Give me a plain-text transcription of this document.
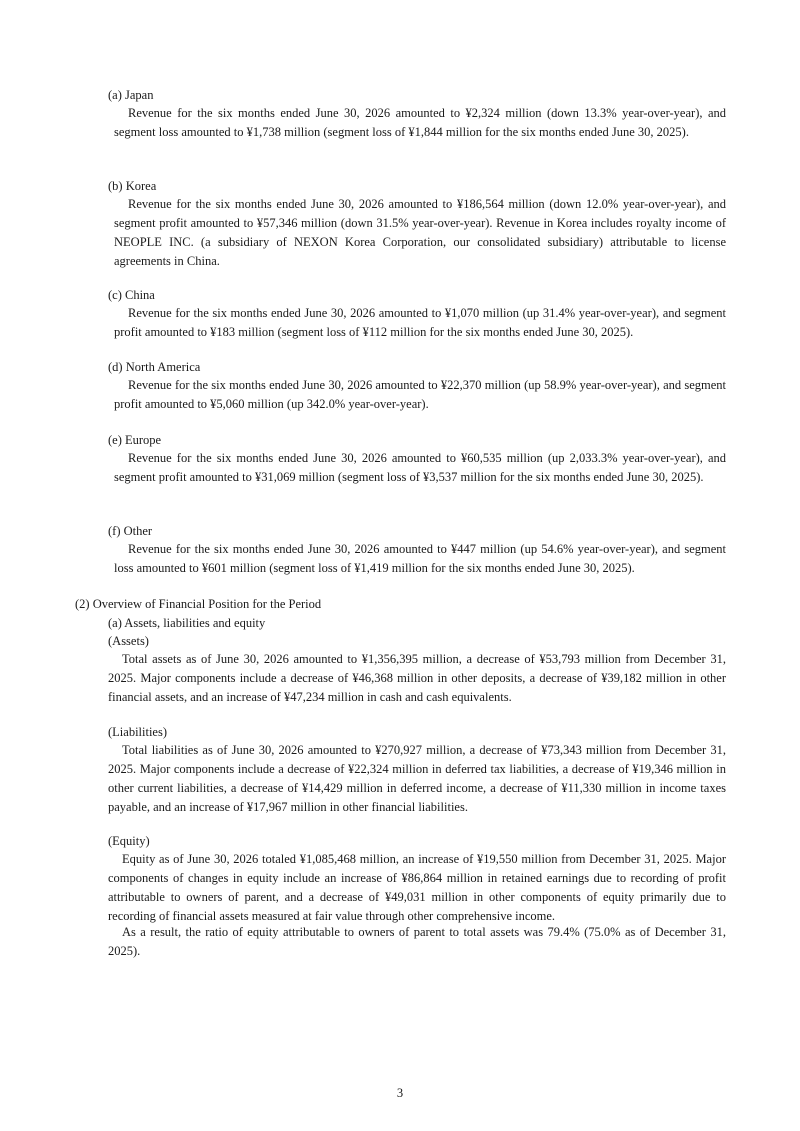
(a) Japan
Revenue for the six months ended June 30, 2026 amounted to ¥2,324 million (down 13.3% year-over-year), and segment loss amounted to ¥1,738 million (segment loss of ¥1,844 million for the six months ended June 30, 2025).
(b) Korea
Revenue for the six months ended June 30, 2026 amounted to ¥186,564 million (down 12.0% year-over-year), and segment profit amounted to ¥57,346 million (down 31.5% year-over-year). Revenue in Korea includes royalty income of NEOPLE INC. (a subsidiary of NEXON Korea Corporation, our consolidated subsidiary) attributable to license agreements in China.
(c) China
Revenue for the six months ended June 30, 2026 amounted to ¥1,070 million (up 31.4% year-over-year), and segment profit amounted to ¥183 million (segment loss of ¥112 million for the six months ended June 30, 2025).
(d) North America
Revenue for the six months ended June 30, 2026 amounted to ¥22,370 million (up 58.9% year-over-year), and segment profit amounted to ¥5,060 million (up 342.0% year-over-year).
(e) Europe
Revenue for the six months ended June 30, 2026 amounted to ¥60,535 million (up 2,033.3% year-over-year), and segment profit amounted to ¥31,069 million (segment loss of ¥3,537 million for the six months ended June 30, 2025).
(f) Other
Revenue for the six months ended June 30, 2026 amounted to ¥447 million (up 54.6% year-over-year), and segment loss amounted to ¥601 million (segment loss of ¥1,419 million for the six months ended June 30, 2025).
(2) Overview of Financial Position for the Period
(a) Assets, liabilities and equity
(Assets)
Total assets as of June 30, 2026 amounted to ¥1,356,395 million, a decrease of ¥53,793 million from December 31, 2025. Major components include a decrease of ¥46,368 million in other deposits, a decrease of ¥39,182 million in other financial assets, and an increase of ¥47,234 million in cash and cash equivalents.
(Liabilities)
Total liabilities as of June 30, 2026 amounted to ¥270,927 million, a decrease of ¥73,343 million from December 31, 2025. Major components include a decrease of ¥22,324 million in deferred tax liabilities, a decrease of ¥19,346 million in other current liabilities, a decrease of ¥14,429 million in deferred income, a decrease of ¥11,330 million in income taxes payable, and an increase of ¥17,967 million in other financial liabilities.
(Equity)
Equity as of June 30, 2026 totaled ¥1,085,468 million, an increase of ¥19,550 million from December 31, 2025. Major components of changes in equity include an increase of ¥86,864 million in retained earnings due to recording of profit attributable to owners of parent, and a decrease of ¥49,031 million in other components of equity primarily due to recording of financial assets measured at fair value through other comprehensive income.
As a result, the ratio of equity attributable to owners of parent to total assets was 79.4% (75.0% as of December 31, 2025).
3
